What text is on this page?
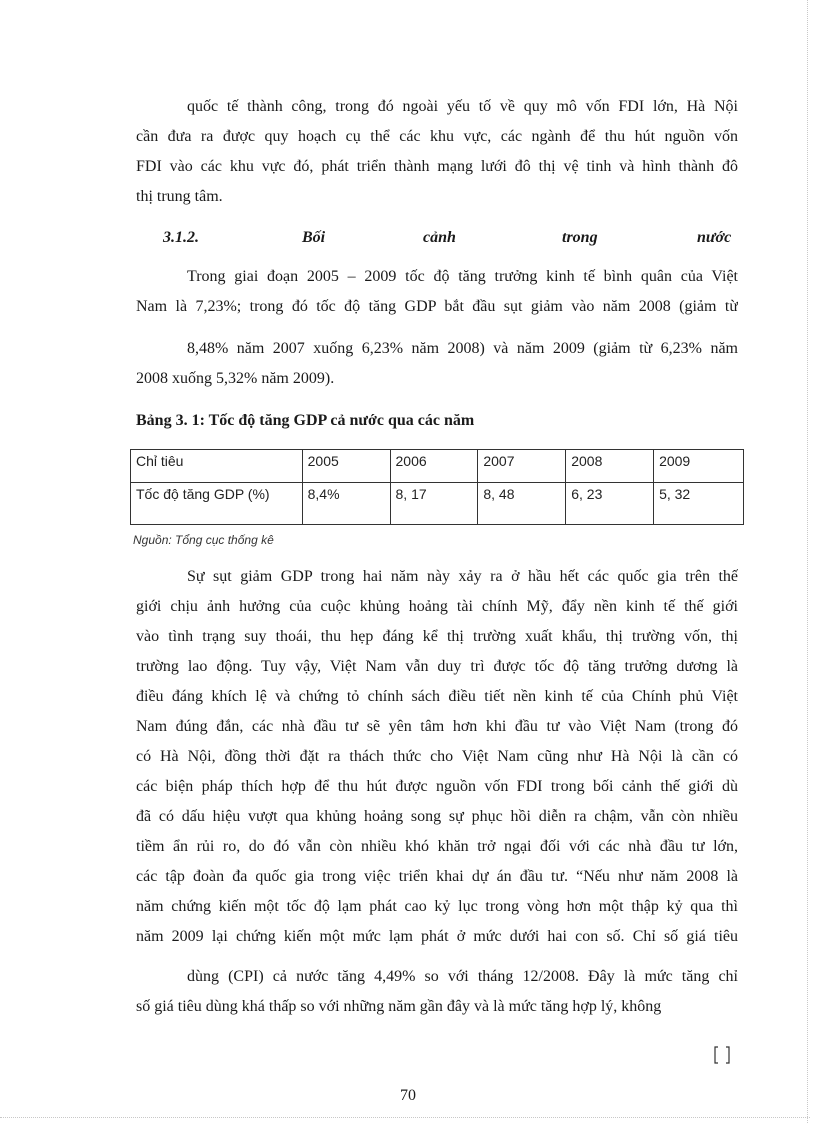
quốc tế thành công, trong đó ngoài yếu tố về quy mô vốn FDI lớn, Hà Nội
cần đưa ra được quy hoạch cụ thể các khu vực, các ngành để thu hút nguồn vốn
FDI vào các khu vực đó, phát triển thành mạng lưới đô thị vệ tinh và hình thành đô
thị trung tâm.
3.1.2.	Bối	cảnh	trong	nước
Trong giai đoạn 2005 – 2009 tốc độ tăng trưởng kinh tế bình quân của Việt
Nam là 7,23%; trong đó tốc độ tăng GDP bắt đầu sụt giảm vào năm 2008 (giảm từ
8,48% năm 2007 xuống 6,23% năm 2008) và năm 2009 (giảm từ 6,23% năm
2008 xuống 5,32% năm 2009).
Bảng 3. 1: Tốc độ tăng GDP cả nước qua các năm
Chỉ tiêu	2005	2006	2007	2008	2009
Tốc độ tăng GDP (%)	8,4%	8, 17	8, 48	6, 23	5, 32
Nguồn: Tổng cục thống kê
Sự sụt giảm GDP trong hai năm này xảy ra ở hầu hết các quốc gia trên thế
giới chịu ảnh hưởng của cuộc khủng hoảng tài chính Mỹ, đẩy nền kinh tế thế giới
vào tình trạng suy thoái, thu hẹp đáng kể thị trường xuất khẩu, thị trường vốn, thị
trường lao động. Tuy vậy, Việt Nam vẫn duy trì được tốc độ tăng trưởng dương là
điều đáng khích lệ và chứng tỏ chính sách điều tiết nền kinh tế của Chính phủ Việt
Nam đúng đắn, các nhà đầu tư sẽ yên tâm hơn khi đầu tư vào Việt Nam (trong đó
có Hà Nội, đồng thời đặt ra thách thức cho Việt Nam cũng như Hà Nội là cần có
các biện pháp thích hợp để thu hút được nguồn vốn FDI trong bối cảnh thế giới dù
đã có dấu hiệu vượt qua khủng hoảng song sự phục hồi diễn ra chậm, vẫn còn nhiều
tiềm ẩn rủi ro, do đó vẫn còn nhiều khó khăn trở ngại đối với các nhà đầu tư lớn,
các tập đoàn đa quốc gia trong việc triển khai dự án đầu tư. “Nếu như năm 2008 là
năm chứng kiến một tốc độ lạm phát cao kỷ lục trong vòng hơn một thập kỷ qua thì
năm 2009 lại chứng kiến một mức lạm phát ở mức dưới hai con số. Chỉ số giá tiêu
dùng (CPI) cả nước tăng 4,49% so với tháng 12/2008. Đây là mức tăng chỉ
số giá tiêu dùng khá thấp so với những năm gần đây và là mức tăng hợp lý, không
70
